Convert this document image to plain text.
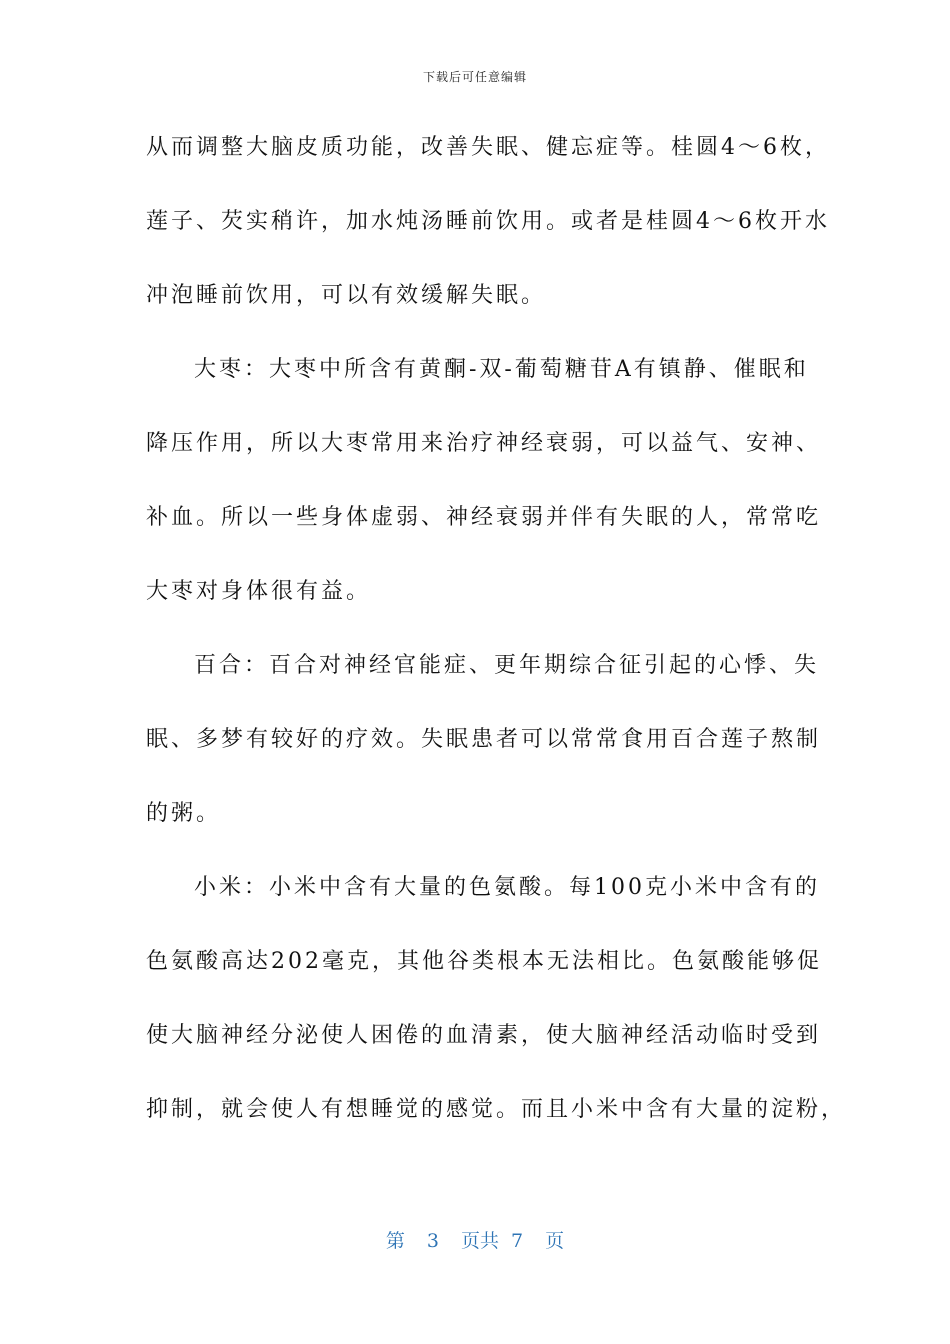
下载后可任意编辑
从而调整大脑皮质功能，改善失眠、健忘症等。桂圆4～6枚，
莲子、芡实稍许，加水炖汤睡前饮用。或者是桂圆4～6枚开水
冲泡睡前饮用，可以有效缓解失眠。
大枣：大枣中所含有黄酮-双-葡萄糖苷A有镇静、催眠和
降压作用，所以大枣常用来治疗神经衰弱，可以益气、安神、
补血。所以一些身体虚弱、神经衰弱并伴有失眠的人，常常吃
大枣对身体很有益。
百合：百合对神经官能症、更年期综合征引起的心悸、失
眠、多梦有较好的疗效。失眠患者可以常常食用百合莲子熬制
的粥。
小米：小米中含有大量的色氨酸。每100克小米中含有的
色氨酸高达202毫克，其他谷类根本无法相比。色氨酸能够促
使大脑神经分泌使人困倦的血清素，使大脑神经活动临时受到
抑制，就会使人有想睡觉的感觉。而且小米中含有大量的淀粉，
第 3 页共 7 页
